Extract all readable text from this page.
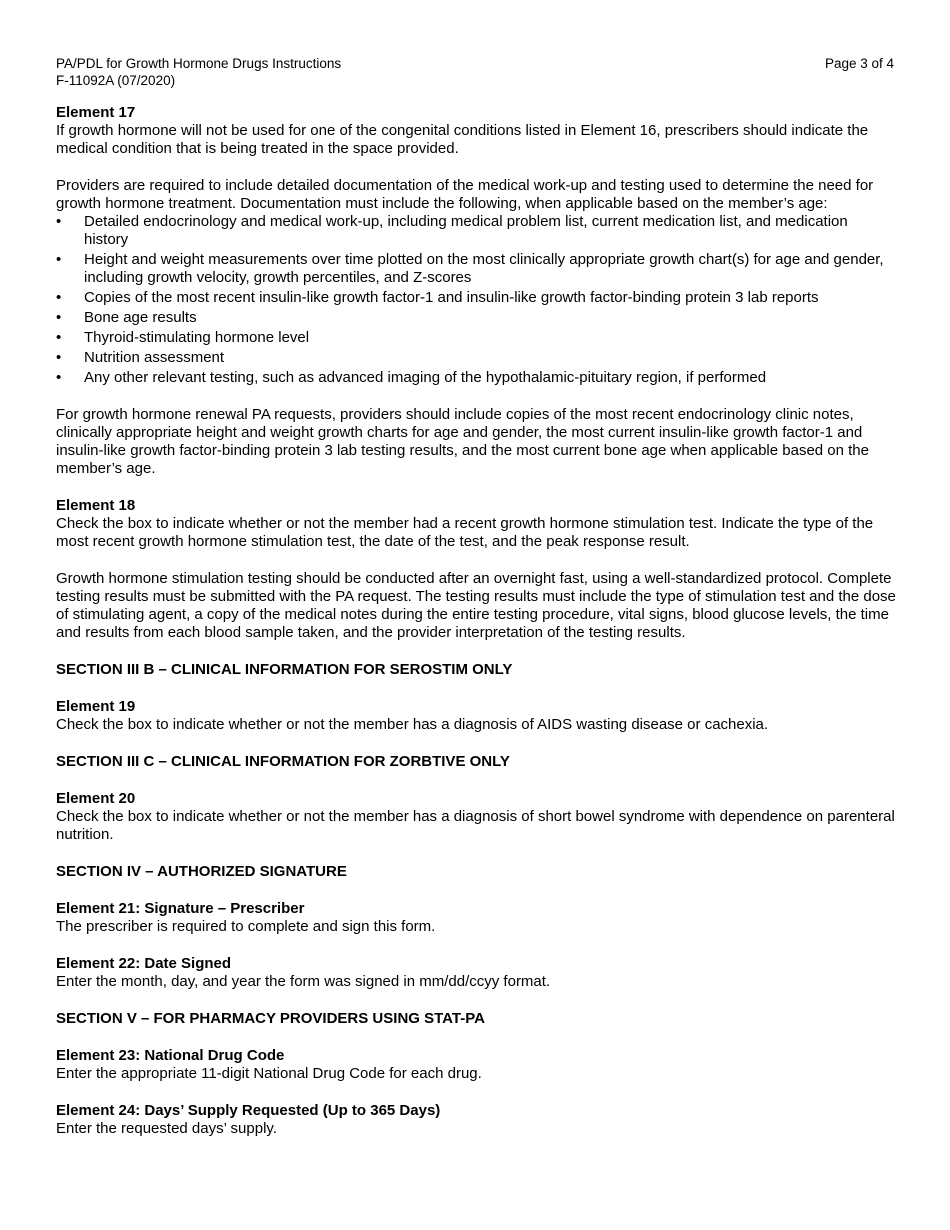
PA/PDL for Growth Hormone Drugs Instructions
F-11092A (07/2020)
Page 3 of 4

Element 17

If growth hormone will not be used for one of the congenital conditions listed in Element 16, prescribers should indicate the medical condition that is being treated in the space provided.

Providers are required to include detailed documentation of the medical work-up and testing used to determine the need for growth hormone treatment. Documentation must include the following, when applicable based on the member’s age:

• Detailed endocrinology and medical work-up, including medical problem list, current medication list, and medication history
• Height and weight measurements over time plotted on the most clinically appropriate growth chart(s) for age and gender, including growth velocity, growth percentiles, and Z-scores
• Copies of the most recent insulin-like growth factor-1 and insulin-like growth factor-binding protein 3 lab reports
• Bone age results
• Thyroid-stimulating hormone level
• Nutrition assessment
• Any other relevant testing, such as advanced imaging of the hypothalamic-pituitary region, if performed

For growth hormone renewal PA requests, providers should include copies of the most recent endocrinology clinic notes, clinically appropriate height and weight growth charts for age and gender, the most current insulin-like growth factor-1 and insulin-like growth factor-binding protein 3 lab testing results, and the most current bone age when applicable based on the member’s age.

Element 18

Check the box to indicate whether or not the member had a recent growth hormone stimulation test. Indicate the type of the most recent growth hormone stimulation test, the date of the test, and the peak response result.

Growth hormone stimulation testing should be conducted after an overnight fast, using a well-standardized protocol. Complete testing results must be submitted with the PA request. The testing results must include the type of stimulation test and the dose of stimulating agent, a copy of the medical notes during the entire testing procedure, vital signs, blood glucose levels, the time and results from each blood sample taken, and the provider interpretation of the testing results.

SECTION III B – CLINICAL INFORMATION FOR SEROSTIM ONLY

Element 19

Check the box to indicate whether or not the member has a diagnosis of AIDS wasting disease or cachexia.

SECTION III C – CLINICAL INFORMATION FOR ZORBTIVE ONLY

Element 20

Check the box to indicate whether or not the member has a diagnosis of short bowel syndrome with dependence on parenteral nutrition.

SECTION IV – AUTHORIZED SIGNATURE

Element 21: Signature – Prescriber

The prescriber is required to complete and sign this form.

Element 22: Date Signed

Enter the month, day, and year the form was signed in mm/dd/ccyy format.

SECTION V – FOR PHARMACY PROVIDERS USING STAT-PA

Element 23: National Drug Code

Enter the appropriate 11-digit National Drug Code for each drug.

Element 24: Days’ Supply Requested (Up to 365 Days)

Enter the requested days’ supply.
